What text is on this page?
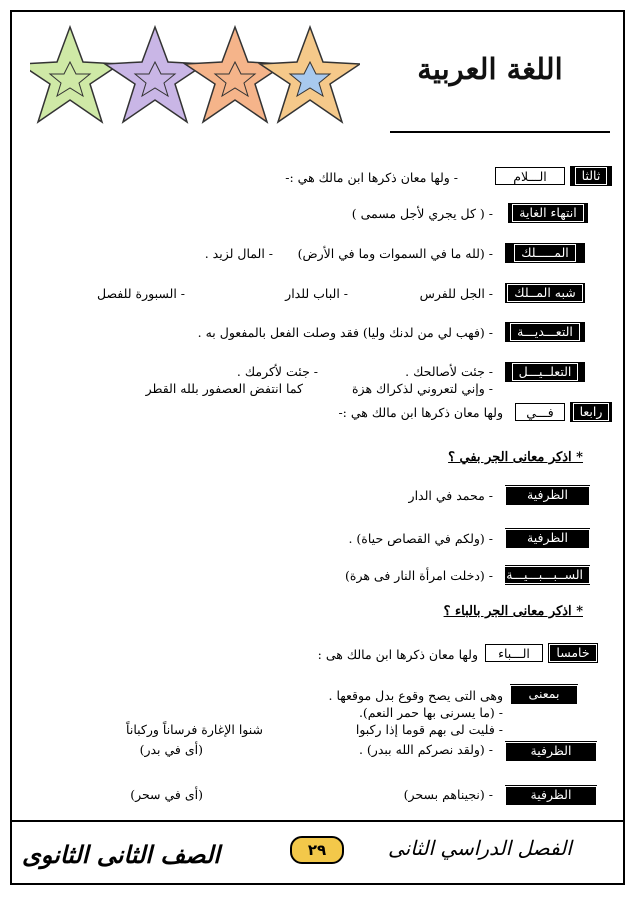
اللغة العربية
ثالثا
الـــلام
- ولها معان ذكرها ابن مالك هي :-
انتهاء الغاية
- ( كل يجري لأجل مسمى )
المـــــلك
- (لله ما في السموات وما في الأرض)
- المال لزيد .
شبه المــلك
- الجل للفرس
- الباب للدار
- السبورة للفصل
التعـــديـــة
- (فهب لي من لدنك وليا) فقد وصلت الفعل بالمفعول به .
التعلــيـــل
- جئت لأصالحك .
- جئت لأكرمك .
- وإني لتعروني لذكراك هزة
كما انتفض العصفور بلله القطر
رابعا
فـــي
ولها معان ذكرها ابن مالك هي :-
* اذكر معانى الجر بفي ؟
الظرفية حقيقة
- محمد في الدار
الظرفية مجازا
- (ولكم في القصاص حياة) .
الســبـــبـــيـــة
- (دخلت امرأة النار فى هرة)
* اذكر معانى الجر بالباء ؟
خامسا
الـــباء
ولها معان ذكرها ابن مالك هى :
بمعنى بدل
وهى التى يصح وقوع بدل موقعها .
- (ما يسرنى بها حمر النعم).
- فليت لى بهم قوما إذا ركبوا
شنوا الإغارة فرساناً وركباناً
الظرفية المكانية
- (ولقد نصركم الله ببدر) .
(أى في بدر)
الظرفية الزمانية
- (نجيناهم بسحر)
(أى في سحر)
الصف الثانى الثانوى	٢٩	الفصل الدراسي الثانى
